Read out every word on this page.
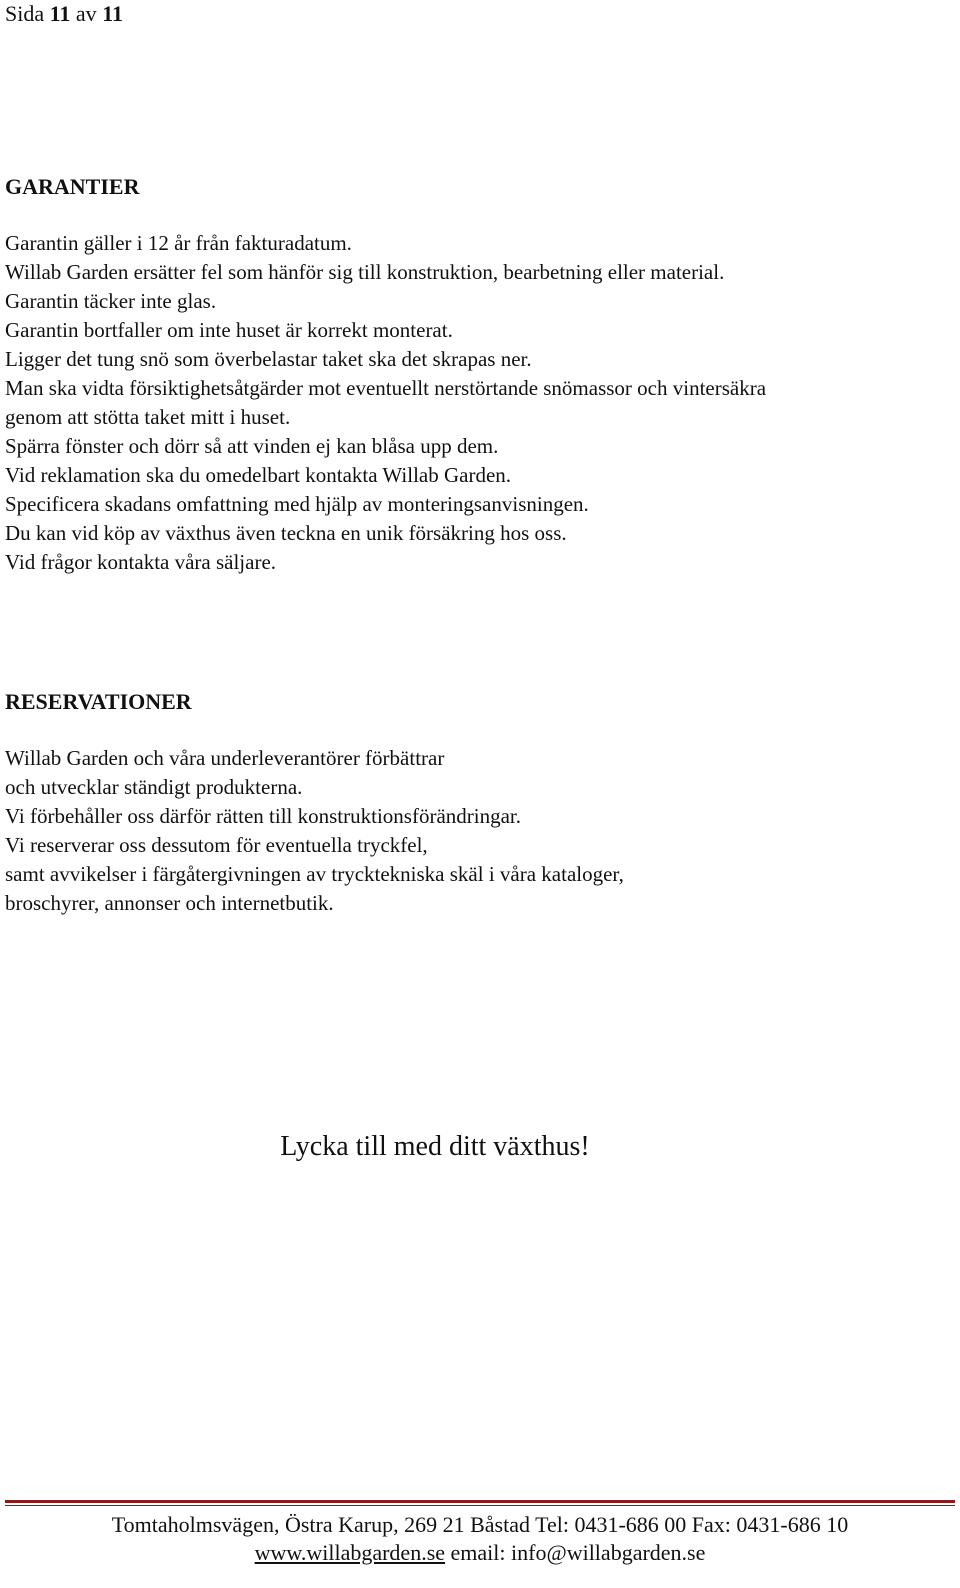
Sida 11 av 11
GARANTIER
Garantin gäller i 12 år från fakturadatum.
Willab Garden ersätter fel som hänför sig till konstruktion, bearbetning eller material.
Garantin täcker inte glas.
Garantin bortfaller om inte huset är korrekt monterat.
Ligger det tung snö som överbelastar taket ska det skrapas ner.
Man ska vidta försiktighetsåtgärder mot eventuellt nerstörtande snömassor och vintersäkra
genom att stötta taket mitt i huset.
Spärra fönster och dörr så att vinden ej kan blåsa upp dem.
Vid reklamation ska du omedelbart kontakta Willab Garden.
Specificera skadans omfattning med hjälp av monteringsanvisningen.
Du kan vid köp av växthus även teckna en unik försäkring hos oss.
Vid frågor kontakta våra säljare.
RESERVATIONER
Willab Garden och våra underleverantörer förbättrar
och utvecklar ständigt produkterna.
Vi förbehåller oss därför rätten till konstruktionsförändringar.
Vi reserverar oss dessutom för eventuella tryckfel,
samt avvikelser i färgåtergivningen av trycktekniska skäl i våra kataloger,
broschyrer, annonser och internetbutik.
Lycka till med ditt växthus!
Tomtaholmsvägen, Östra Karup, 269 21 Båstad Tel: 0431-686 00 Fax: 0431-686 10
www.willabgarden.se email: info@willabgarden.se
